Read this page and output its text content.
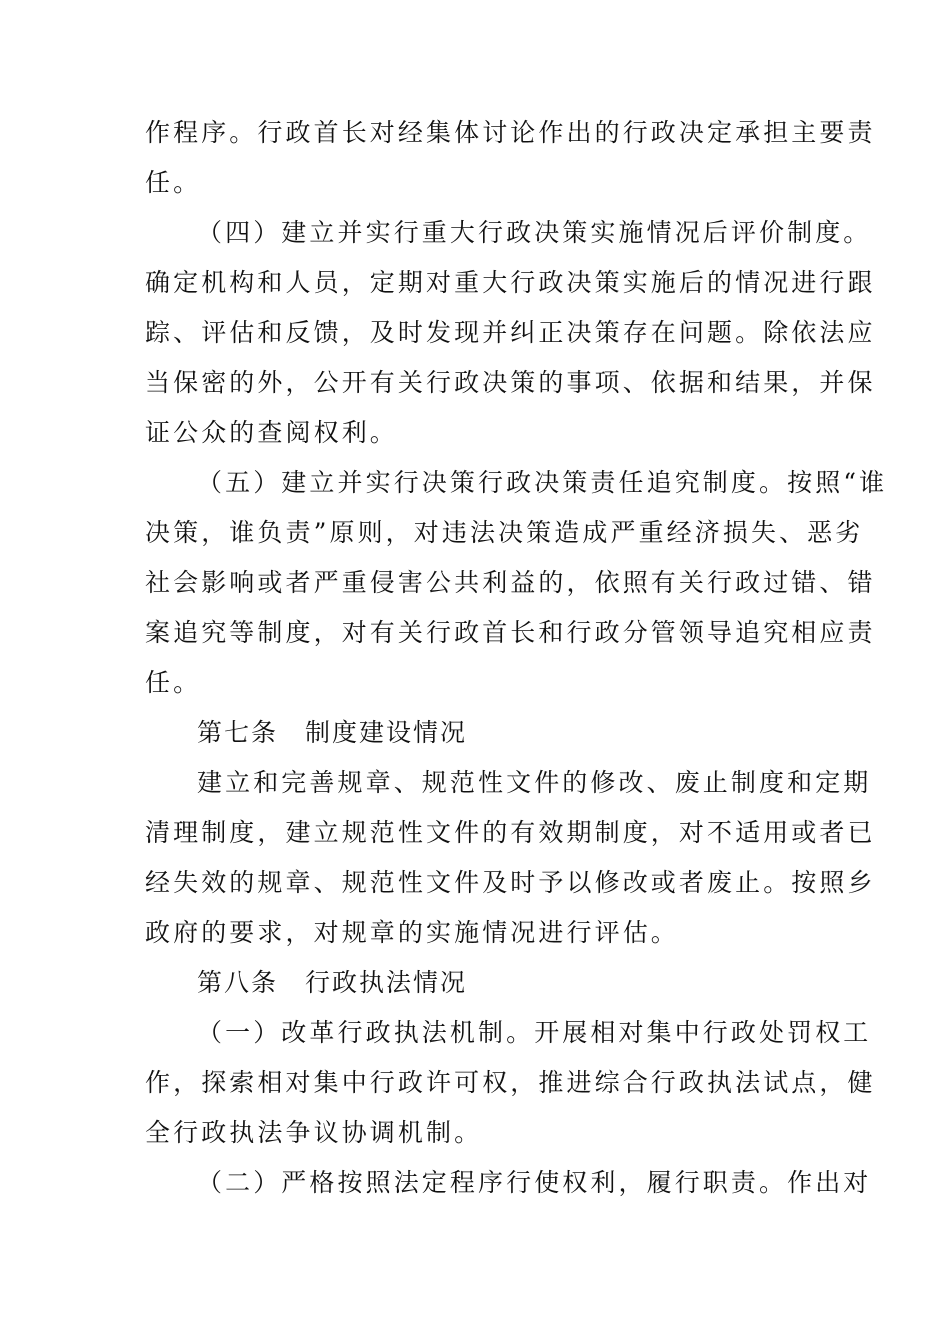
作程序。行政首长对经集体讨论作出的行政决定承担主要责
任。
（四）建立并实行重大行政决策实施情况后评价制度。
确定机构和人员，定期对重大行政决策实施后的情况进行跟
踪、评估和反馈，及时发现并纠正决策存在问题。除依法应
当保密的外，公开有关行政决策的事项、依据和结果，并保
证公众的查阅权利。
（五）建立并实行决策行政决策责任追究制度。按照“谁
决策，谁负责”原则，对违法决策造成严重经济损失、恶劣
社会影响或者严重侵害公共利益的，依照有关行政过错、错
案追究等制度，对有关行政首长和行政分管领导追究相应责
任。
第七条　制度建设情况
建立和完善规章、规范性文件的修改、废止制度和定期
清理制度，建立规范性文件的有效期制度，对不适用或者已
经失效的规章、规范性文件及时予以修改或者废止。按照乡
政府的要求，对规章的实施情况进行评估。
第八条　行政执法情况
（一）改革行政执法机制。开展相对集中行政处罚权工
作，探索相对集中行政许可权，推进综合行政执法试点，健
全行政执法争议协调机制。
（二）严格按照法定程序行使权利，履行职责。作出对
